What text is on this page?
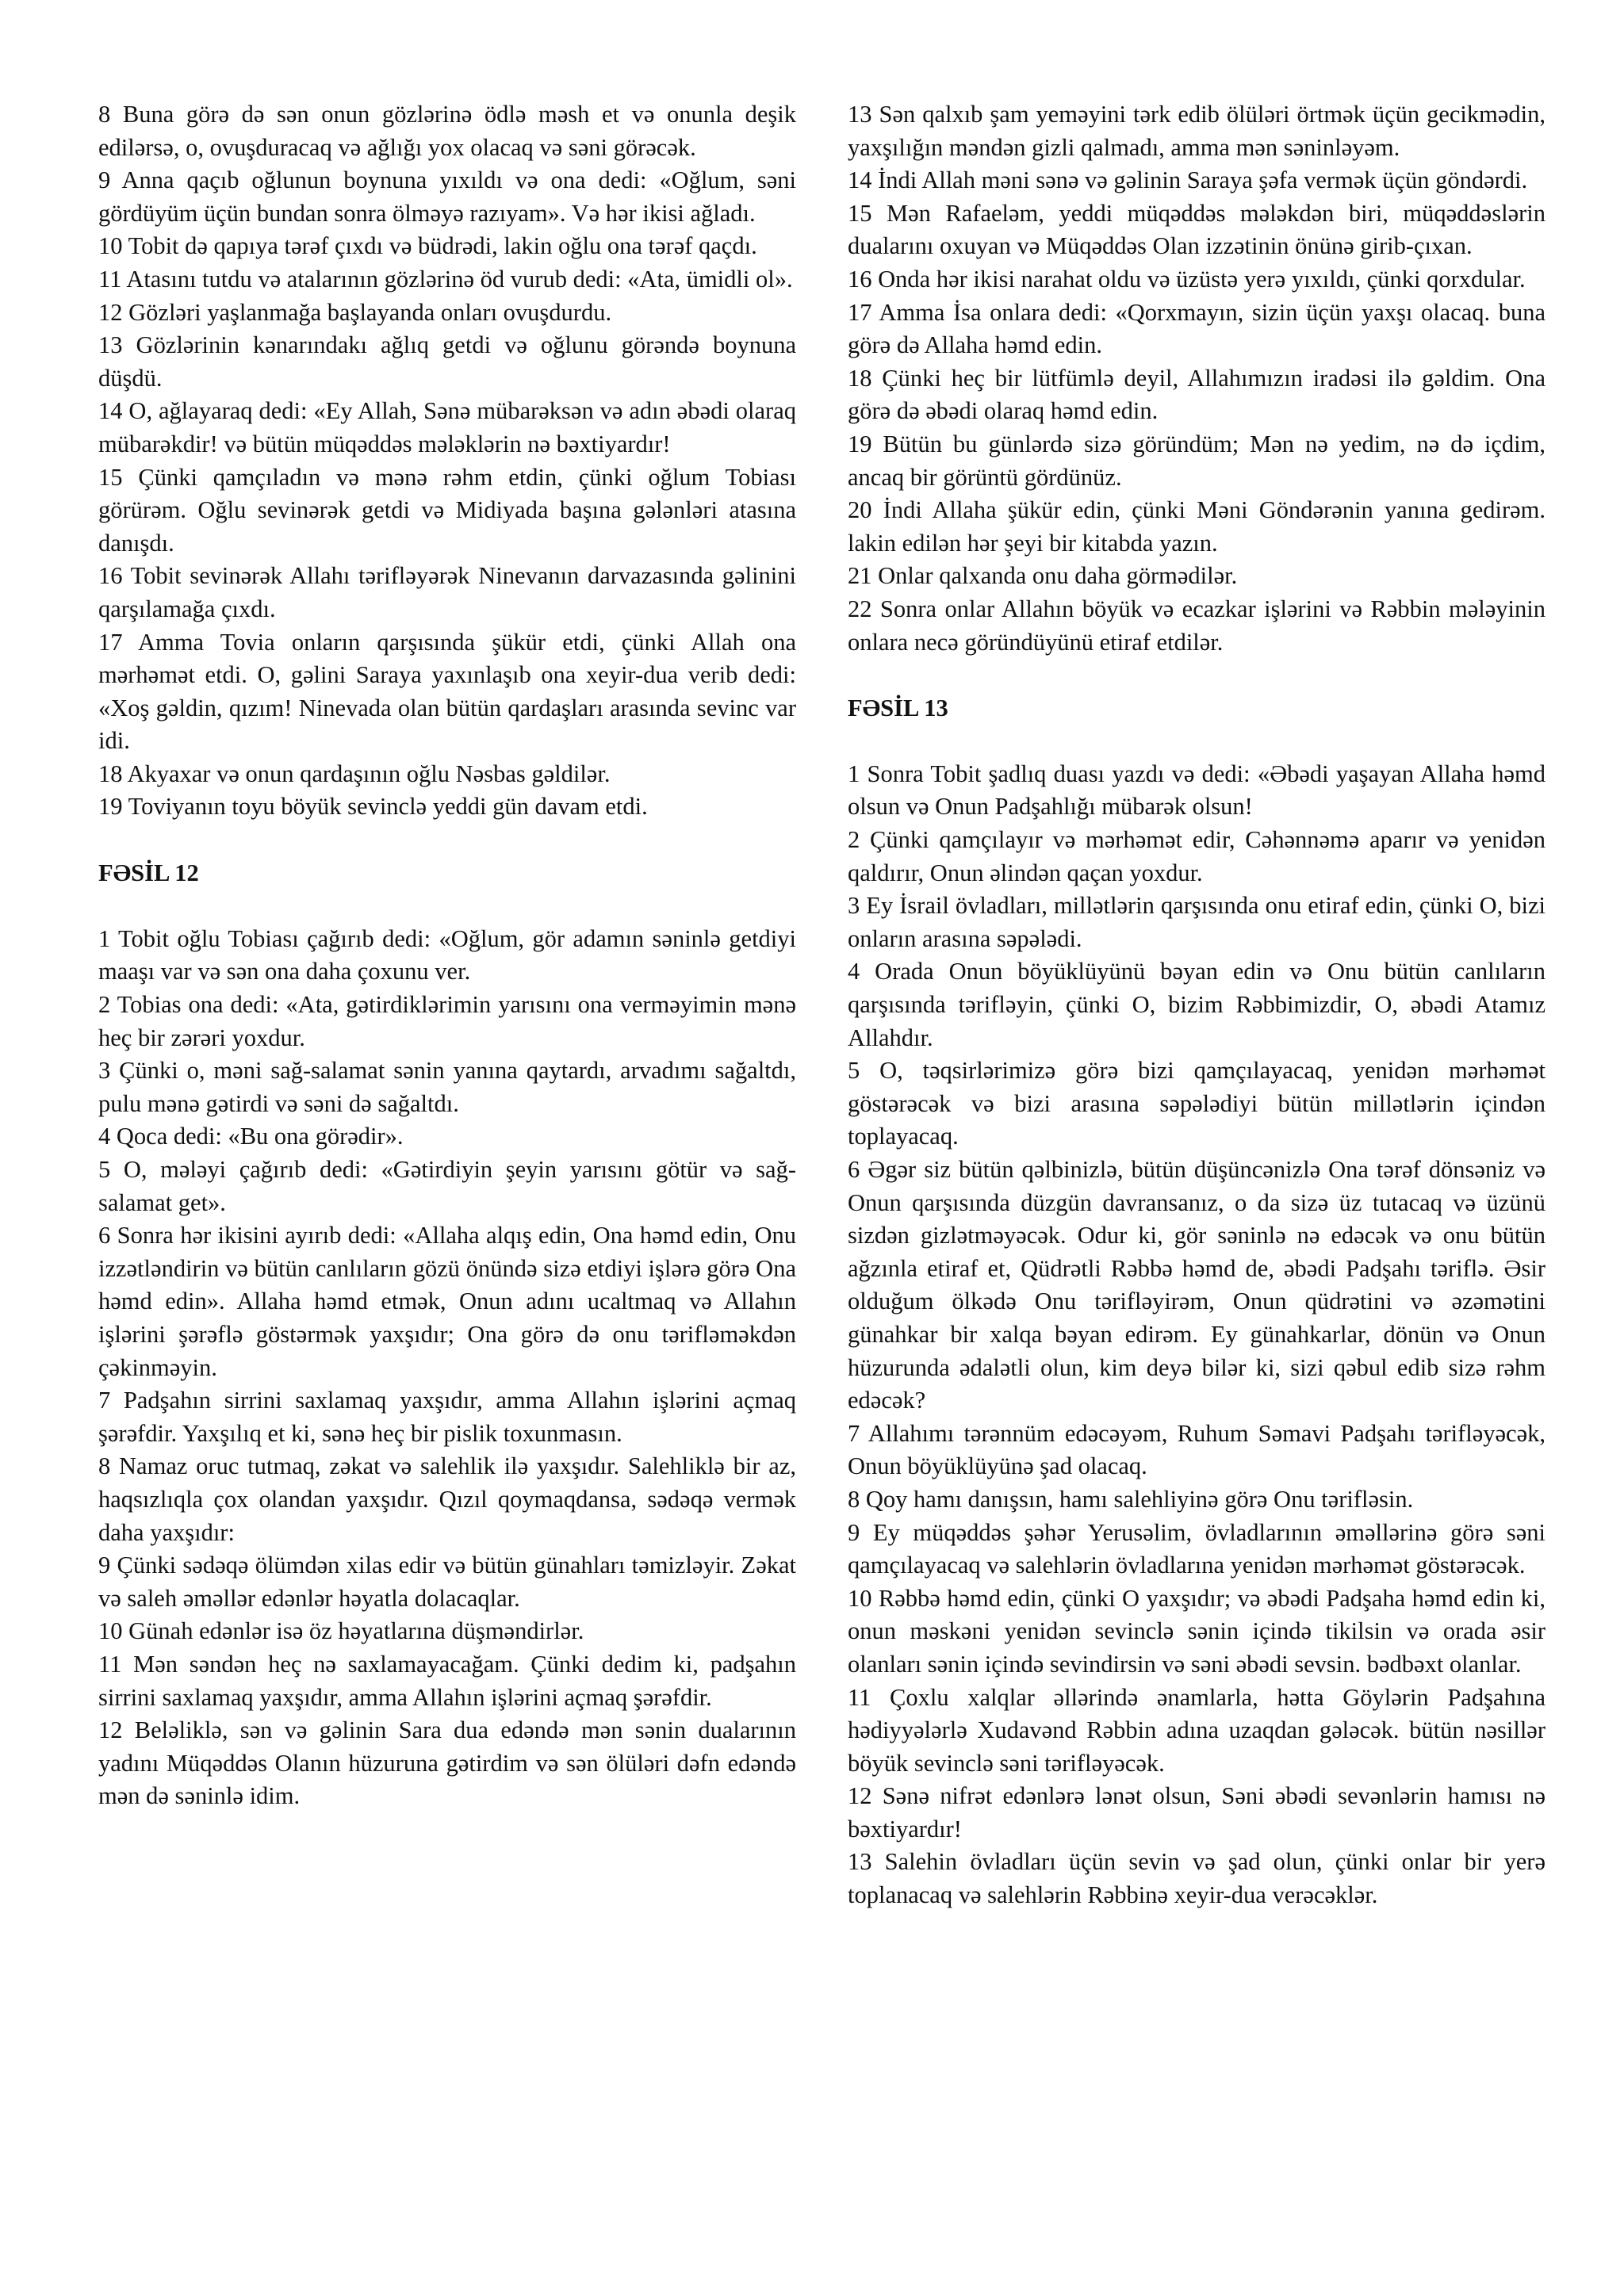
8 Buna görə də sən onun gözlərinə ödlə məsh et və onunla deşik edilərsə, o, ovuşduracaq və ağlığı yox olacaq və səni görəcək.

9 Anna qaçıb oğlunun boynuna yıxıldı və ona dedi: «Oğlum, səni gördüyüm üçün bundan sonra ölməyə razıyam». Və hər ikisi ağladı.

10 Tobit də qapıya tərəf çıxdı və büdrədi, lakin oğlu ona tərəf qaçdı.

11 Atasını tutdu və atalarının gözlərinə öd vurub dedi: «Ata, ümidli ol».

12 Gözləri yaşlanmağa başlayanda onları ovuşdurdu.

13 Gözlərinin kənarındakı ağlıq getdi və oğlunu görəndə boynuna düşdü.

14 O, ağlayaraq dedi: «Ey Allah, Sənə mübarəksən və adın əbədi olaraq mübarəkdir! və bütün müqəddəs mələklərin nə bəxtiyardır!

15 Çünki qamçıladın və mənə rəhm etdin, çünki oğlum Tobiası görürəm. Oğlu sevinərək getdi və Midiyada başına gələnləri atasına danışdı.

16 Tobit sevinərək Allahı tərifləyərək Ninevanın darvazasında gəlinini qarşılamağa çıxdı.

17 Amma Tovia onların qarşısında şükür etdi, çünki Allah ona mərhəmət etdi. O, gəlini Saraya yaxınlaşıb ona xeyir-dua verib dedi: «Xoş gəldin, qızım! Ninevada olan bütün qardaşları arasında sevinc var idi.

18 Akyaxar və onun qardaşının oğlu Nəsbas gəldilər.

19 Toviyanın toyu böyük sevinclə yeddi gün davam etdi.

FƏSİL 12

1 Tobit oğlu Tobiası çağırıb dedi: «Oğlum, gör adamın səninlə getdiyi maaşı var və sən ona daha çoxunu ver.

2 Tobias ona dedi: «Ata, gətirdiklərimin yarısını ona verməyimin mənə heç bir zərəri yoxdur.

3 Çünki o, məni sağ-salamat sənin yanına qaytardı, arvadımı sağaltdı, pulu mənə gətirdi və səni də sağaltdı.

4 Qoca dedi: «Bu ona görədir».

5 O, mələyi çağırıb dedi: «Gətirdiyin şeyin yarısını götür və sağ-salamat get».

6 Sonra hər ikisini ayırıb dedi: «Allaha alqış edin, Ona həmd edin, Onu izzətləndirin və bütün canlıların gözü önündə sizə etdiyi işlərə görə Ona həmd edin». Allaha həmd etmək, Onun adını ucaltmaq və Allahın işlərini şərəflə göstərmək yaxşıdır; Ona görə də onu tərifləməkdən çəkinməyin.

7 Padşahın sirrini saxlamaq yaxşıdır, amma Allahın işlərini açmaq şərəfdir. Yaxşılıq et ki, sənə heç bir pislik toxunmasın.

8 Namaz oruc tutmaq, zəkat və salehlik ilə yaxşıdır. Salehliklə bir az, haqsızlıqla çox olandan yaxşıdır. Qızıl qoymaqdansa, sədəqə vermək daha yaxşıdır:

9 Çünki sədəqə ölümdən xilas edir və bütün günahları təmizləyir. Zəkat və saleh əməllər edənlər həyatla dolacaqlar.

10 Günah edənlər isə öz həyatlarına düşməndirlər.

11 Mən səndən heç nə saxlamayacağam. Çünki dedim ki, padşahın sirrini saxlamaq yaxşıdır, amma Allahın işlərini açmaq şərəfdir.

12 Beləliklə, sən və gəlinin Sara dua edəndə mən sənin dualarının yadını Müqəddəs Olanın hüzuruna gətirdim və sən ölüləri dəfn edəndə mən də səninlə idim.

13 Sən qalxıb şam yeməyini tərk edib ölüləri örtmək üçün gecikmədin, yaxşılığın məndən gizli qalmadı, amma mən səninləyəm.

14 İndi Allah məni sənə və gəlinin Saraya şəfa vermək üçün göndərdi.

15 Mən Rafaeləm, yeddi müqəddəs mələkdən biri, müqəddəslərin dualarını oxuyan və Müqəddəs Olan izzətinin önünə girib-çıxan.

16 Onda hər ikisi narahat oldu və üzüstə yerə yıxıldı, çünki qorxdular.

17 Amma İsa onlara dedi: «Qorxmayın, sizin üçün yaxşı olacaq. buna görə də Allaha həmd edin.

18 Çünki heç bir lütfümlə deyil, Allahımızın iradəsi ilə gəldim. Ona görə də əbədi olaraq həmd edin.

19 Bütün bu günlərdə sizə göründüm; Mən nə yedim, nə də içdim, ancaq bir görüntü gördünüz.

20 İndi Allaha şükür edin, çünki Məni Göndərənin yanına gedirəm. lakin edilən hər şeyi bir kitabda yazın.

21 Onlar qalxanda onu daha görmədilər.

22 Sonra onlar Allahın böyük və ecazkar işlərini və Rəbbin mələyinin onlara necə göründüyünü etiraf etdilər.

FƏSİL 13

1 Sonra Tobit şadlıq duası yazdı və dedi: «Əbədi yaşayan Allaha həmd olsun və Onun Padşahlığı mübarək olsun!

2 Çünki qamçılayır və mərhəmət edir, Cəhənnəmə aparır və yenidən qaldırır, Onun əlindən qaçan yoxdur.

3 Ey İsrail övladları, millətlərin qarşısında onu etiraf edin, çünki O, bizi onların arasına səpələdi.

4 Orada Onun böyüklüyünü bəyan edin və Onu bütün canlıların qarşısında tərifləyin, çünki O, bizim Rəbbimizdir, O, əbədi Atamız Allahdır.

5 O, təqsirlərimizə görə bizi qamçılayacaq, yenidən mərhəmət göstərəcək və bizi arasına səpələdiyi bütün millətlərin içindən toplayacaq.

6 Əgər siz bütün qəlbinizlə, bütün düşüncənizlə Ona tərəf dönsəniz və Onun qarşısında düzgün davransanız, o da sizə üz tutacaq və üzünü sizdən gizlətməyəcək. Odur ki, gör səninlə nə edəcək və onu bütün ağzınla etiraf et, Qüdrətli Rəbbə həmd de, əbədi Padşahı təriflə. Əsir olduğum ölkədə Onu tərifləyirəm, Onun qüdrətini və əzəmətini günahkar bir xalqa bəyan edirəm. Ey günahkarlar, dönün və Onun hüzurunda ədalətli olun, kim deyə bilər ki, sizi qəbul edib sizə rəhm edəcək?

7 Allahımı tərənnüm edəcəyəm, Ruhum Səmavi Padşahı tərifləyəcək, Onun böyüklüyünə şad olacaq.

8 Qoy hamı danışsın, hamı salehliyinə görə Onu tərifləsin.

9 Ey müqəddəs şəhər Yerusəlim, övladlarının əməllərinə görə səni qamçılayacaq və salehlərin övladlarına yenidən mərhəmət göstərəcək.

10 Rəbbə həmd edin, çünki O yaxşıdır; və əbədi Padşaha həmd edin ki, onun məskəni yenidən sevinclə sənin içində tikilsin və orada əsir olanları sənin içində sevindirsin və səni əbədi sevsin. bədbəxt olanlar.

11 Çoxlu xalqlar əllərində ənamlarla, hətta Göylərin Padşahına hədiyyələrlə Xudavənd Rəbbin adına uzaqdan gələcək. bütün nəsillər böyük sevinclə səni tərifləyəcək.

12 Sənə nifrət edənlərə lənət olsun, Səni əbədi sevənlərin hamısı nə bəxtiyardır!

13 Salehin övladları üçün sevin və şad olun, çünki onlar bir yerə toplanacaq və salehlərin Rəbbinə xeyir-dua verəcəklər.
